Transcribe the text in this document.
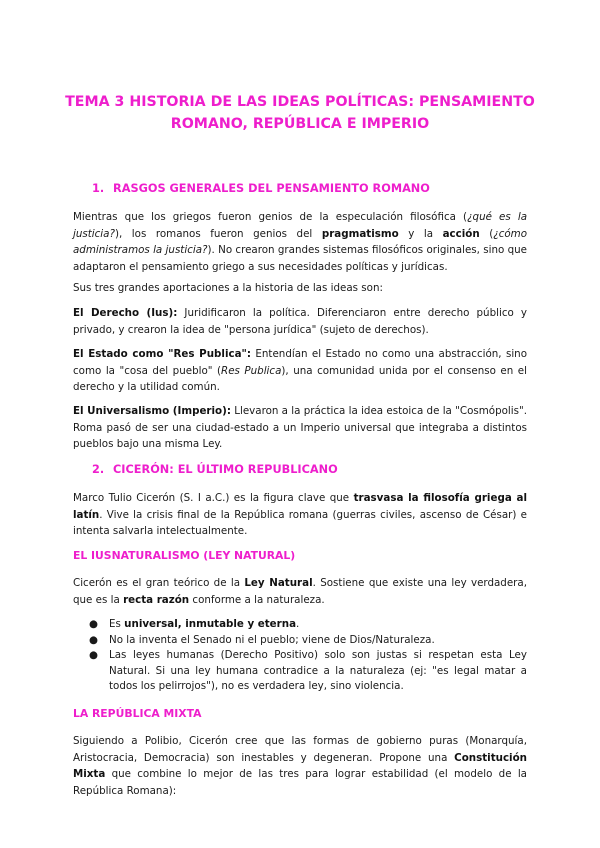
TEMA 3 HISTORIA DE LAS IDEAS POLÍTICAS: PENSAMIENTO
ROMANO, REPÚBLICA E IMPERIO
1. RASGOS GENERALES DEL PENSAMIENTO ROMANO

Mientras que los griegos fueron genios de la especulación filosófica (¿qué es la justicia?), los romanos fueron genios del pragmatismo y la acción (¿cómo administramos la justicia?). No crearon grandes sistemas filosóficos originales, sino que adaptaron el pensamiento griego a sus necesidades políticas y jurídicas.

Sus tres grandes aportaciones a la historia de las ideas son:

El Derecho (Ius): Juridificaron la política. Diferenciaron entre derecho público y privado, y crearon la idea de "persona jurídica" (sujeto de derechos).

El Estado como "Res Publica": Entendían el Estado no como una abstracción, sino como la "cosa del pueblo" (Res Publica), una comunidad unida por el consenso en el derecho y la utilidad común.

El Universalismo (Imperio): Llevaron a la práctica la idea estoica de la "Cosmópolis". Roma pasó de ser una ciudad-estado a un Imperio universal que integraba a distintos pueblos bajo una misma Ley.

2. CICERÓN: EL ÚLTIMO REPUBLICANO

Marco Tulio Cicerón (S. I a.C.) es la figura clave que trasvasa la filosofía griega al latín. Vive la crisis final de la República romana (guerras civiles, ascenso de César) e intenta salvarla intelectualmente.

EL IUSNATURALISMO (LEY NATURAL)

Cicerón es el gran teórico de la Ley Natural. Sostiene que existe una ley verdadera, que es la recta razón conforme a la naturaleza.

● Es universal, inmutable y eterna.
● No la inventa el Senado ni el pueblo; viene de Dios/Naturaleza.
● Las leyes humanas (Derecho Positivo) solo son justas si respetan esta Ley Natural. Si una ley humana contradice a la naturaleza (ej: "es legal matar a todos los pelirrojos"), no es verdadera ley, sino violencia.
LA REPÚBLICA MIXTA

Siguiendo a Polibio, Cicerón cree que las formas de gobierno puras (Monarquía, Aristocracia, Democracia) son inestables y degeneran. Propone una Constitución Mixta que combine lo mejor de las tres para lograr estabilidad (el modelo de la República Romana):
